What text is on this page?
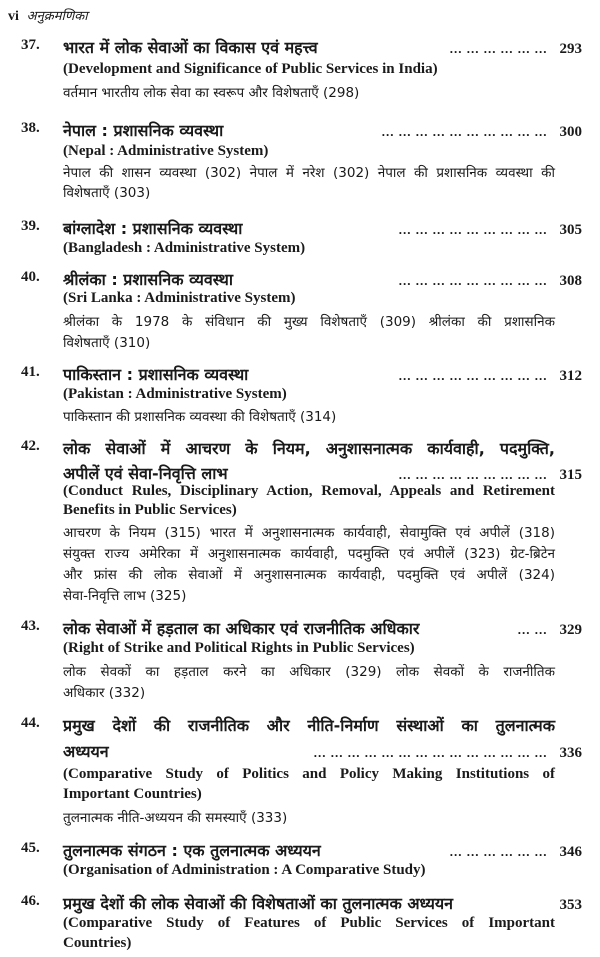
vi अनुक्रमणिका
37. भारत में लोक सेवाओं का विकास एवं महत्त्व	... ... ... ... ... ... 293
(Development and Significance of Public Services in India)
वर्तमान भारतीय लोक सेवा का स्वरूप और विशेषताएँ (298)
38. नेपाल : प्रशासनिक व्यवस्था	... ... ... ... ... ... ... ... ... ... 300
(Nepal : Administrative System)
नेपाल की शासन व्यवस्था (302) नेपाल में नरेश (302) नेपाल की प्रशासनिक व्यवस्था की
विशेषताएँ (303)
39. बांग्लादेश : प्रशासनिक व्यवस्था	... ... ... ... ... ... ... ... ... 305
(Bangladesh : Administrative System)
40. श्रीलंका : प्रशासनिक व्यवस्था	... ... ... ... ... ... ... ... ... 308
(Sri Lanka : Administrative System)
श्रीलंका के 1978 के संविधान की मुख्य विशेषताएँ (309) श्रीलंका की प्रशासनिक
विशेषताएँ (310)
41. पाकिस्तान : प्रशासनिक व्यवस्था	... ... ... ... ... ... ... ... ... 312
(Pakistan : Administrative System)
पाकिस्तान की प्रशासनिक व्यवस्था की विशेषताएँ (314)
42. लोक सेवाओं में आचरण के नियम, अनुशासनात्मक कार्यवाही, पदमुक्ति,
अपीलें एवं सेवा-निवृत्ति लाभ	... ... ... ... ... ... ... ... ... 315
(Conduct Rules, Disciplinary Action, Removal, Appeals and Retirement
Benefits in Public Services)
आचरण के नियम (315) भारत में अनुशासनात्मक कार्यवाही, सेवामुक्ति एवं अपीलें (318)
संयुक्त राज्य अमेरिका में अनुशासनात्मक कार्यवाही, पदमुक्ति एवं अपीलें (323) ग्रेट-ब्रिटेन
और फ्रांस की लोक सेवाओं में अनुशासनात्मक कार्यवाही, पदमुक्ति एवं अपीलें (324)
सेवा-निवृत्ति लाभ (325)
43. लोक सेवाओं में हड़ताल का अधिकार एवं राजनीतिक अधिकार	... ... 329
(Right of Strike and Political Rights in Public Services)
लोक सेवकों का हड़ताल करने का अधिकार (329) लोक सेवकों के राजनीतिक
अधिकार (332)
44. प्रमुख देशों की राजनीतिक और नीति-निर्माण संस्थाओं का तुलनात्मक
अध्ययन	... ... ... ... ... ... ... ... ... ... ... ... ... ... 336
(Comparative Study of Politics and Policy Making Institutions of
Important Countries)
तुलनात्मक नीति-अध्ययन की समस्याएँ (333)
45. तुलनात्मक संगठन : एक तुलनात्मक अध्ययन	... ... ... ... ... ... 346
(Organisation of Administration : A Comparative Study)
46. प्रमुख देशों की लोक सेवाओं की विशेषताओं का तुलनात्मक अध्ययन	353
(Comparative Study of Features of Public Services of Important
Countries)
